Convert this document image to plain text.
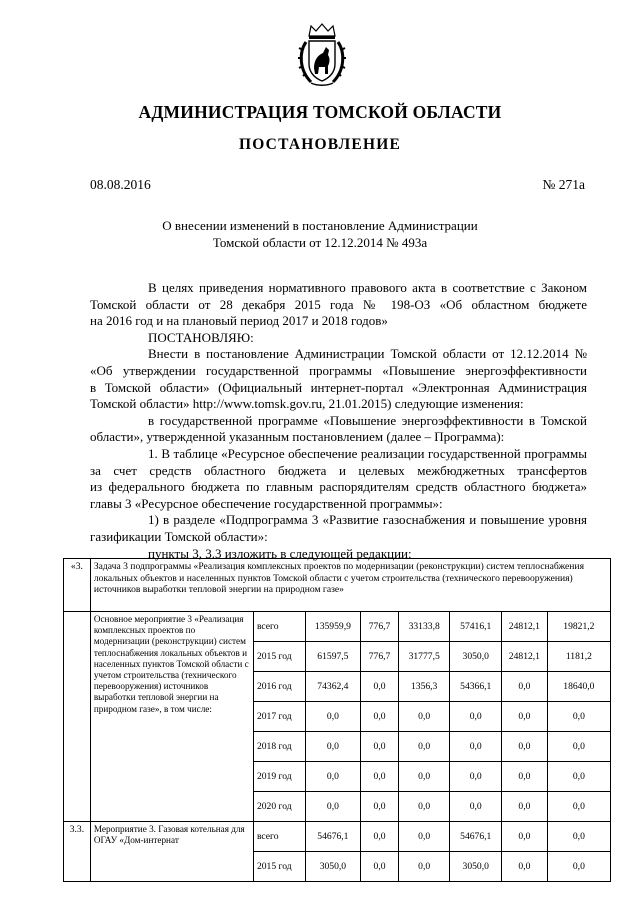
АДМИНИСТРАЦИЯ ТОМСКОЙ ОБЛАСТИ
ПОСТАНОВЛЕНИЕ
08.08.2016	№ 271а
О внесении изменений в постановление Администрации
Томской области от 12.12.2014 № 493а
В целях приведения нормативного правового акта в соответствие с Законом
Томской области от 28 декабря 2015 года № 198-ОЗ «Об областном бюджете
на 2016 год и на плановый период 2017 и 2018 годов»
ПОСТАНОВЛЯЮ:
Внести в постановление Администрации Томской области от 12.12.2014 №
«Об утверждении государственной программы «Повышение энергоэффективности
в Томской области» (Официальный интернет-портал «Электронная Администрация
Томской области» http://www.tomsk.gov.ru, 21.01.2015) следующие изменения:
в государственной программе «Повышение энергоэффективности в Томской
области», утвержденной указанным постановлением (далее – Программа):
1. В таблице «Ресурсное обеспечение реализации государственной программы
за счет средств областного бюджета и целевых межбюджетных трансфертов
из федерального бюджета по главным распорядителям средств областного бюджета»
главы 3 «Ресурсное обеспечение государственной программы»:
1) в разделе «Подпрограмма 3 «Развитие газоснабжения и повышение уровня
газификации Томской области»:
пункты 3, 3.3 изложить в следующей редакции:
«3.	Задача 3 подпрограммы «Реализация комплексных проектов по модернизации (реконструкции) систем теплоснабжения локальных объектов и населенных пунктов Томской области с учетом строительства (технического перевооружения) источников выработки тепловой энергии на природном газе»							
	Основное мероприятие 3 «Реализация комплексных проектов по модернизации (реконструкции) систем теплоснабжения локальных объектов и населенных пунктов Томской области с учетом строительства (технического перевооружения) источников выработки тепловой энергии на природном газе», в том числе:	всего	135959,9	776,7	33133,8	57416,1	24812,1	19821,2
		2015 год	61597,5	776,7	31777,5	3050,0	24812,1	1181,2
		2016 год	74362,4	0,0	1356,3	54366,1	0,0	18640,0
		2017 год	0,0	0,0	0,0	0,0	0,0	0,0
		2018 год	0,0	0,0	0,0	0,0	0,0	0,0
		2019 год	0,0	0,0	0,0	0,0	0,0	0,0
		2020 год	0,0	0,0	0,0	0,0	0,0	0,0
3.3.	Мероприятие 3. Газовая котельная для ОГАУ «Дом-интернат	всего	54676,1	0,0	0,0	54676,1	0,0	0,0
		2015 год	3050,0	0,0	0,0	3050,0	0,0	0,0
